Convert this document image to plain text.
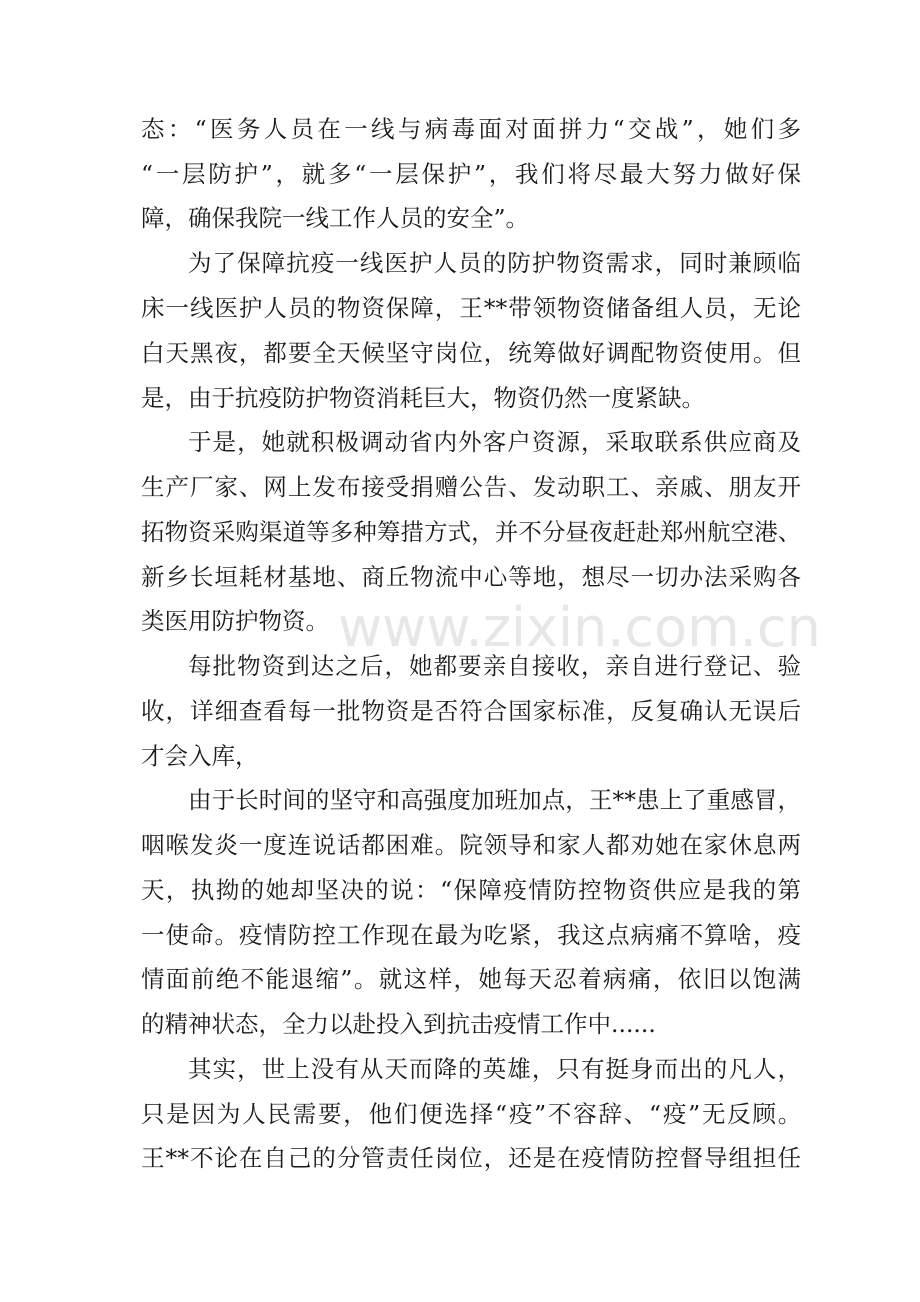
态：“医务人员在一线与病毒面对面拼力“交战”，她们多
“一层防护”，就多“一层保护”，我们将尽最大努力做好保
障，确保我院一线工作人员的安全”。
为了保障抗疫一线医护人员的防护物资需求，同时兼顾临
床一线医护人员的物资保障，王**带领物资储备组人员，无论
白天黑夜，都要全天候坚守岗位，统筹做好调配物资使用。但
是，由于抗疫防护物资消耗巨大，物资仍然一度紧缺。
于是，她就积极调动省内外客户资源，采取联系供应商及
生产厂家、网上发布接受捐赠公告、发动职工、亲戚、朋友开
拓物资采购渠道等多种筹措方式，并不分昼夜赶赴郑州航空港、
新乡长垣耗材基地、商丘物流中心等地，想尽一切办法采购各
类医用防护物资。
每批物资到达之后，她都要亲自接收，亲自进行登记、验
收，详细查看每一批物资是否符合国家标准，反复确认无误后
才会入库，
由于长时间的坚守和高强度加班加点，王**患上了重感冒，
咽喉发炎一度连说话都困难。院领导和家人都劝她在家休息两
天，执拗的她却坚决的说：“保障疫情防控物资供应是我的第
一使命。疫情防控工作现在最为吃紧，我这点病痛不算啥，疫
情面前绝不能退缩”。就这样，她每天忍着病痛，依旧以饱满
的精神状态，全力以赴投入到抗击疫情工作中......
其实，世上没有从天而降的英雄，只有挺身而出的凡人，
只是因为人民需要，他们便选择“疫”不容辞、“疫”无反顾。
王**不论在自己的分管责任岗位，还是在疫情防控督导组担任
www.zixin.com.cn
